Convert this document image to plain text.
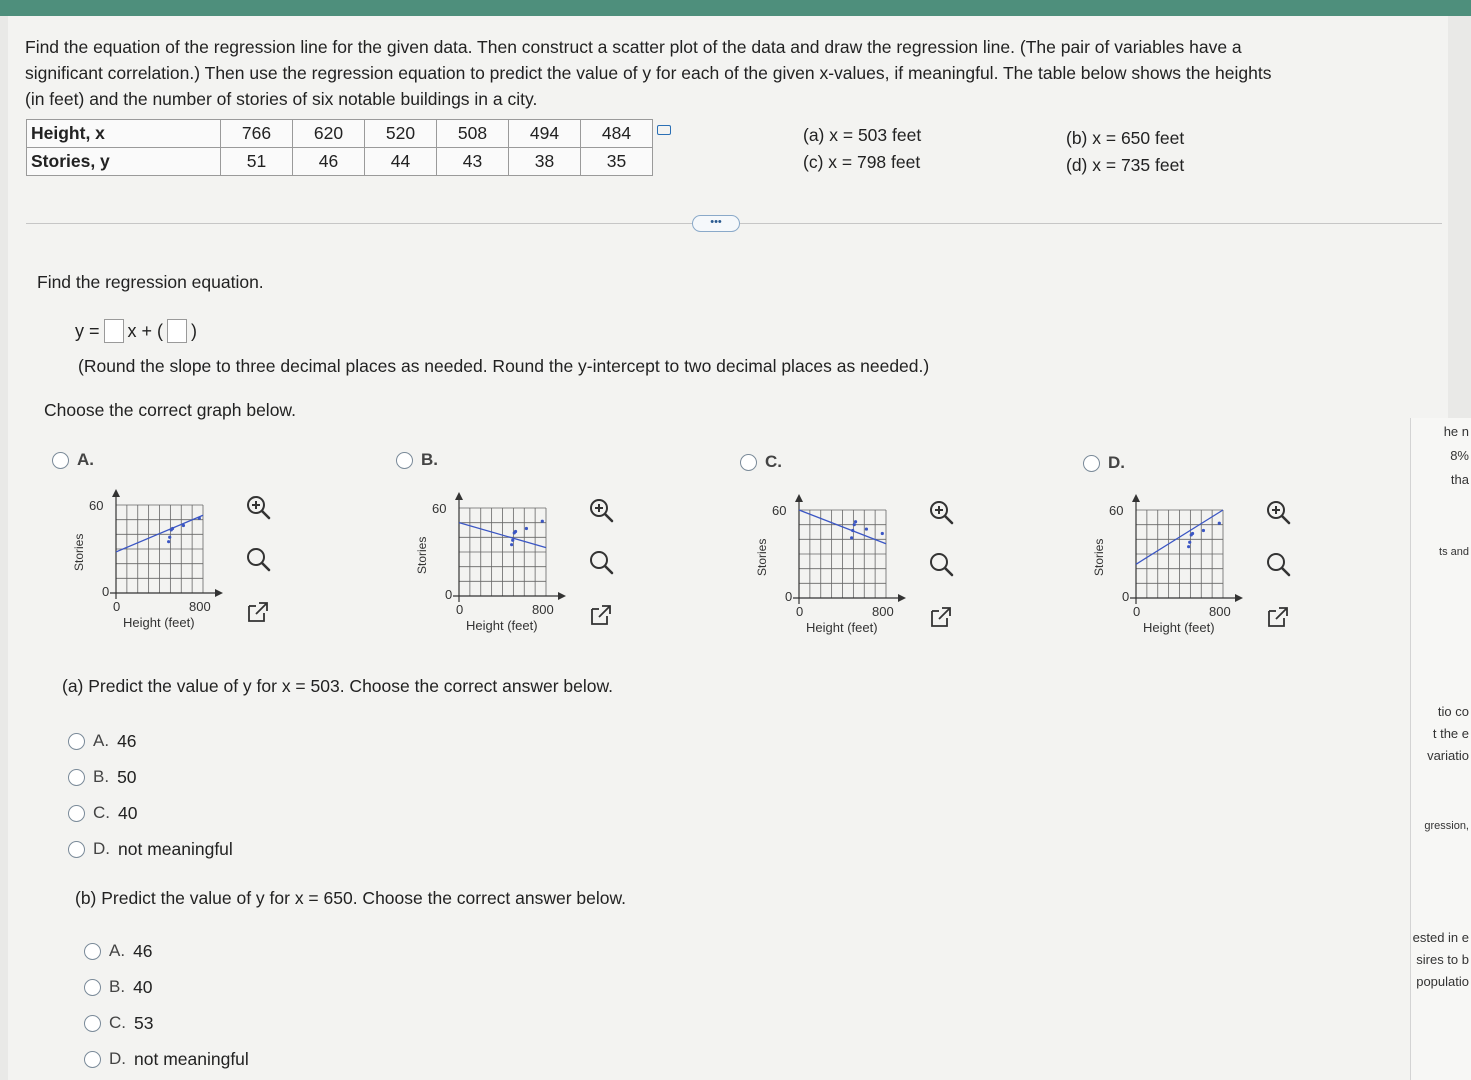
Find the equation of the regression line for the given data. Then construct a scatter plot of the data and draw the regression line. (The pair of variables have a
significant correlation.) Then use the regression equation to predict the value of y for each of the given x-values, if meaningful. The table below shows the heights
(in feet) and the number of stories of six notable buildings in a city.
Height, x	766	620	520	508	494	484
Stories, y	51	46	44	43	38	35
(a) x = 503 feet	(b) x = 650 feet
(c) x = 798 feet	(d) x = 735 feet
•••
Find the regression equation.
y = x + ( )
(Round the slope to three decimal places as needed. Round the y-intercept to two decimal places as needed.)
Choose the correct graph below.
A.	B.	C.	D.
60
0
0	800
Height (feet)
Stories
60
0
0	800
Height (feet)
Stories
60
0
0	800
Height (feet)
Stories
60
0
0	800
Height (feet)
Stories
(a) Predict the value of y for x = 503. Choose the correct answer below.
A. 46
B. 50
C. 40
D. not meaningful
(b) Predict the value of y for x = 650. Choose the correct answer below.
A. 46
B. 40
C. 53
D. not meaningful
he n
8%
tha
ts and
tio co
t the e
variatio
gression,
ested in e
sires to b
populatio
